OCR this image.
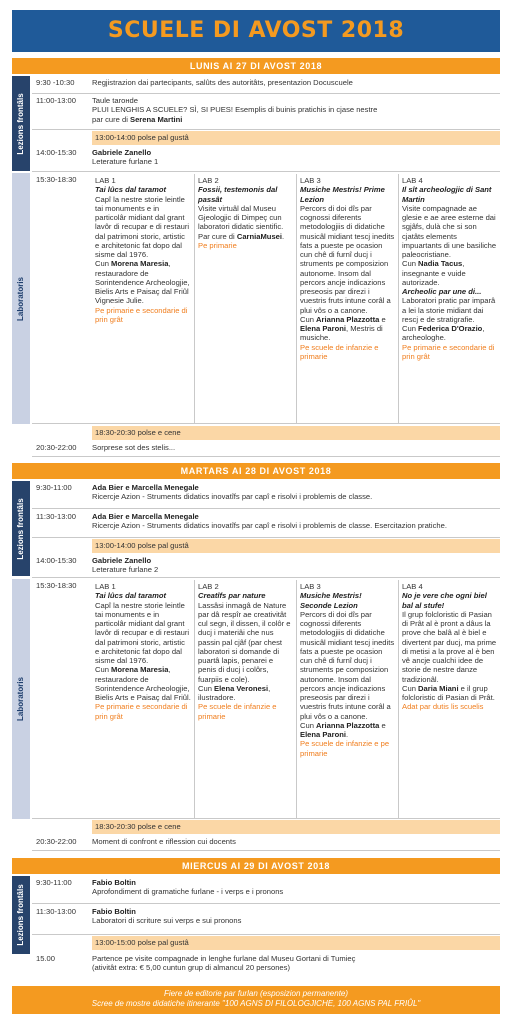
SCUELE DI AVOST 2018
LUNIS AI 27 DI AVOST 2018
Lezions frontâls
9:30 -10:30 Regjistrazion dai partecipants, salûts des autoritâts, presentazion Docuscuele
11:00-13:00 Taule tarонde
PLUI LENGHIS A SCUELE? SÌ, SI PUES! Esemplis di buinis pratichis in cjase nestre
par cure di Serena Martini
13:00-14:00 polse pal gustâ
14:00-15:30 Gabriele Zanello
Leterature furlane 1
Laboratoris
15:30-18:30 LAB 1
Tai lûcs dal taramot
Capî la nestre storie leintle tai monuments e in particolâr midiant dal grant lavôr di recupar e di restauri dal patrimoni storic, artistic e architetonic fat dopo dal sisme dal 1976.
Cun Morena Maresia, restauradore de Sorintendence Archeologjie, Bielis Arts e Paisaç dal Friûl Vignesie Julie.
Pe primarie e secondarie di prin grât
LAB 2
Fossii, testemonis dal passât
Visite virtuâl dal Museu Gjeologjic di Dimpeç cun laboratori didatic sientific.
Par cure di CarniaMusei.
Pe primarie
LAB 3
Musiche Mestris! Prime Lezion
Percors di doi dîs par cognossi diferents metodologjiis di didatiche musicâl midiant tescj inedits fats a pueste pe ocasion cun chê di furnî ducj i struments pe composizion autonome. Insom dal percors ancje indicazions preseosis par direzi i vuestris fruts intune corâl a plui vôs o a canone.
Cun Arianna Plazzotta e Elena Paroni, Mestris di musiche.
Pe scuele de infanzie e primarie
LAB 4
Il sît archeologjic di Sant Martin
Visite compagnade ae glesie e ae aree esterne dai sgjâfs, dulà che si son cjatâts elements impuartants di une basiliche paleocristiane.
Cun Nadia Tacus, insegnante e vuide autorizade.
Archeolic par une di...
Laboratori pratic par imparâ a lei la storie midiant dai rescj e de stratigrafie.
Cun Federica D'Orazio, archeologhe.
Pe primarie e secondarie di prin grât
18:30-20:30 polse e cene
20:30-22:00 Sorprese sot des stelis...
MARTARS AI 28 DI AVOST 2018
Lezions frontâls
9:30-11:00	Ada Bier e Marcella Menegale
Ricercje Azion - Struments didatics inovatîfs par capî e risolvi i problemis de classe.
11:30-13:00 Ada Bier e Marcella Menegale
Ricercje Azion - Struments didatics inovatîfs par capî e risolvi i problemis de classe. Esercitazion pratiche.
13:00-14:00 polse pal gustâ
14:00-15:30 Gabriele Zanello
Leterature furlane 2
Laboratoris
15:30-18:30 LAB 1
Tai lûcs dal taramot
Capî la nestre storie leintle tai monuments e in particolâr midiant dal grant lavôr di recupar e di restauri dal patrimoni storic, artistic e architetonic fat dopo dal sisme dal 1976.
Cun Morena Maresia, restauradore de Sorintendence Archeologjie, Bielis Arts e Paisaç dal Friûl.
Pe primarie e secondarie di prin grât
LAB 2
Creatîfs par nature
Lassâsi inmagâ de Nature par dâ respîr ae creativitât cul segn, il dissen, il colôr e ducj i materiâi che nus passin pal cjâf (par chest laboratori si domande di puartâ lapis, penarei e penis di ducj i colôrs, fuarpiis e cole).
Cun Elena Veronesi, ilustradore.
Pe scuele de infanzie e primarie
LAB 3
Musiche Mestris! Seconde Lezion
Percors di doi dîs par cognossi diferents metodologjiis di didatiche musicâl midiant tescj inedits fats a pueste pe ocasion cun chê di furnî ducj i struments pe composizion autonome. Insom dal percors ancje indicazions preseosis par direzi i vuestris fruts intune corâl a plui vôs o a canone.
Cun Arianna Plazzotta e Elena Paroni.
Pe scuele de infanzie e pe primarie
LAB 4
No je vere che ogni biel bal al stufe!
Il grup folcloristic di Pasian di Prât al è pront a dâus la prove che balâ al è biel e divertent par ducj, ma prime di metisi a la prove al è ben vê ancje cualchi idee de storie de nestre danze tradizionâl.
Cun Daria Miani e il grup folcloristic di Pasian di Prât.
Adat par dutis lis scuelis
18:30-20:30 polse e cene
20:30-22:00 Moment di confront e riflession cui docents
MIERCUS AI 29 DI AVOST 2018
Lezions frontâls
9:30-11:00	Fabio Boltin
Aprofondiment di gramatiche furlane - i verps e i pronons
11:30-13:00 Fabio Boltin
Laboratori di scriture sui verps e sui pronons
13:00-15:00 polse pal gustâ
15.00	Partence pe visite compagnade in lenghe furlane dal Museu Gortani di Tumieç
(ativitât extra: € 5,00 cuntun grup di almancul 20 persones)
Fiere de editorie par furlan (esposizion permanente)
Scree de mostre didatiche itinerante "100 AGNS DI FILOLOGJICHE, 100 AGNS PAL FRIÛL"
